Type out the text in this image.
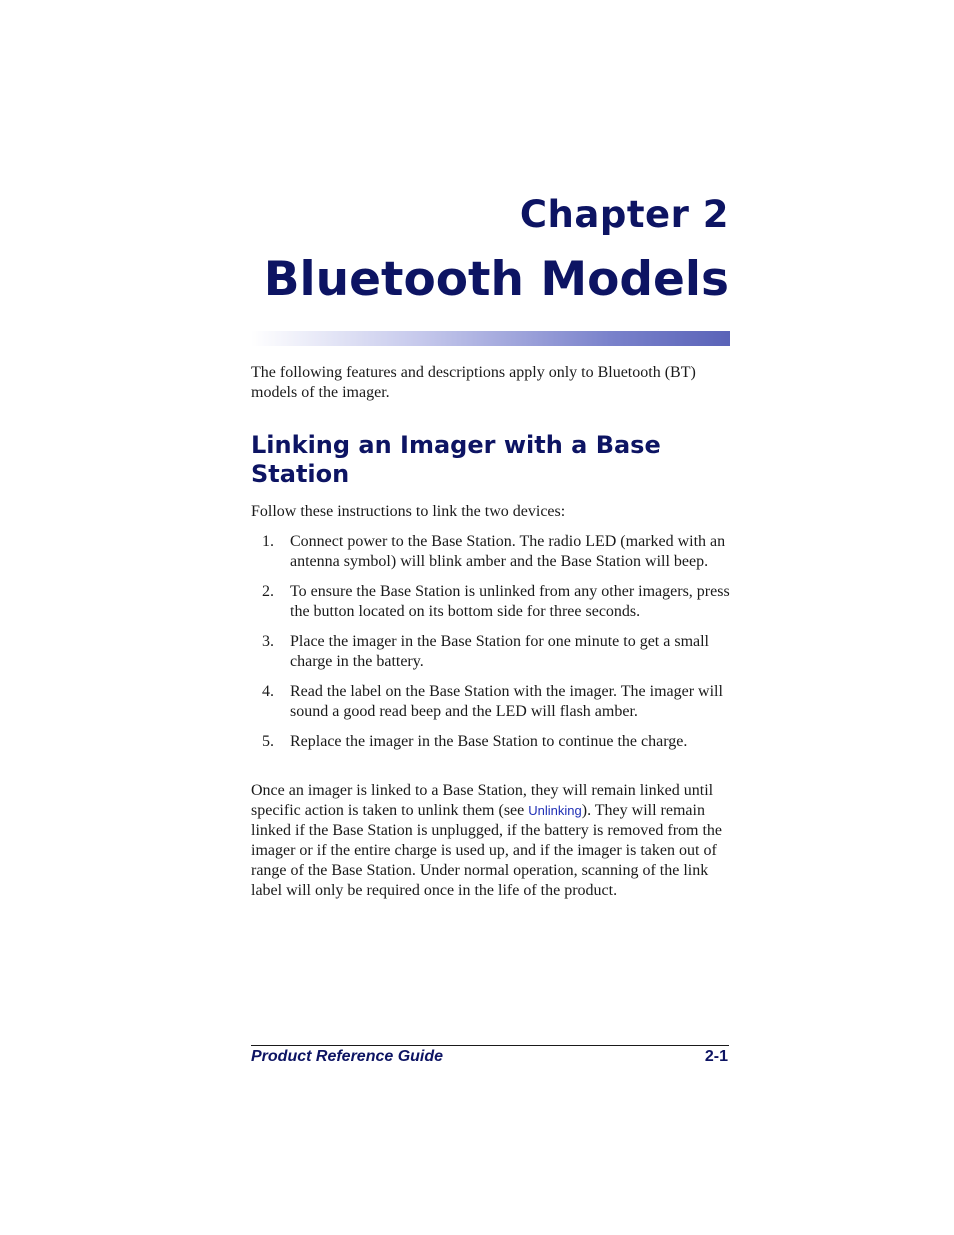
Chapter 2
Bluetooth Models
The following features and descriptions apply only to Bluetooth (BT) models of the imager.
Linking an Imager with a Base Station
Follow these instructions to link the two devices:
1.	Connect power to the Base Station. The radio LED (marked with an antenna symbol) will blink amber and the Base Station will beep.
2.	To ensure the Base Station is unlinked from any other imagers, press the button located on its bottom side for three seconds.
3.	Place the imager in the Base Station for one minute to get a small charge in the battery.
4.	Read the label on the Base Station with the imager. The imager will sound a good read beep and the LED will flash amber.
5.	Replace the imager in the Base Station to continue the charge.
Once an imager is linked to a Base Station, they will remain linked until specific action is taken to unlink them (see Unlinking). They will remain linked if the Base Station is unplugged, if the battery is removed from the imager or if the entire charge is used up, and if the imager is taken out of range of the Base Station. Under normal operation, scanning of the link label will only be required once in the life of the product.
Product Reference Guide	2-1
